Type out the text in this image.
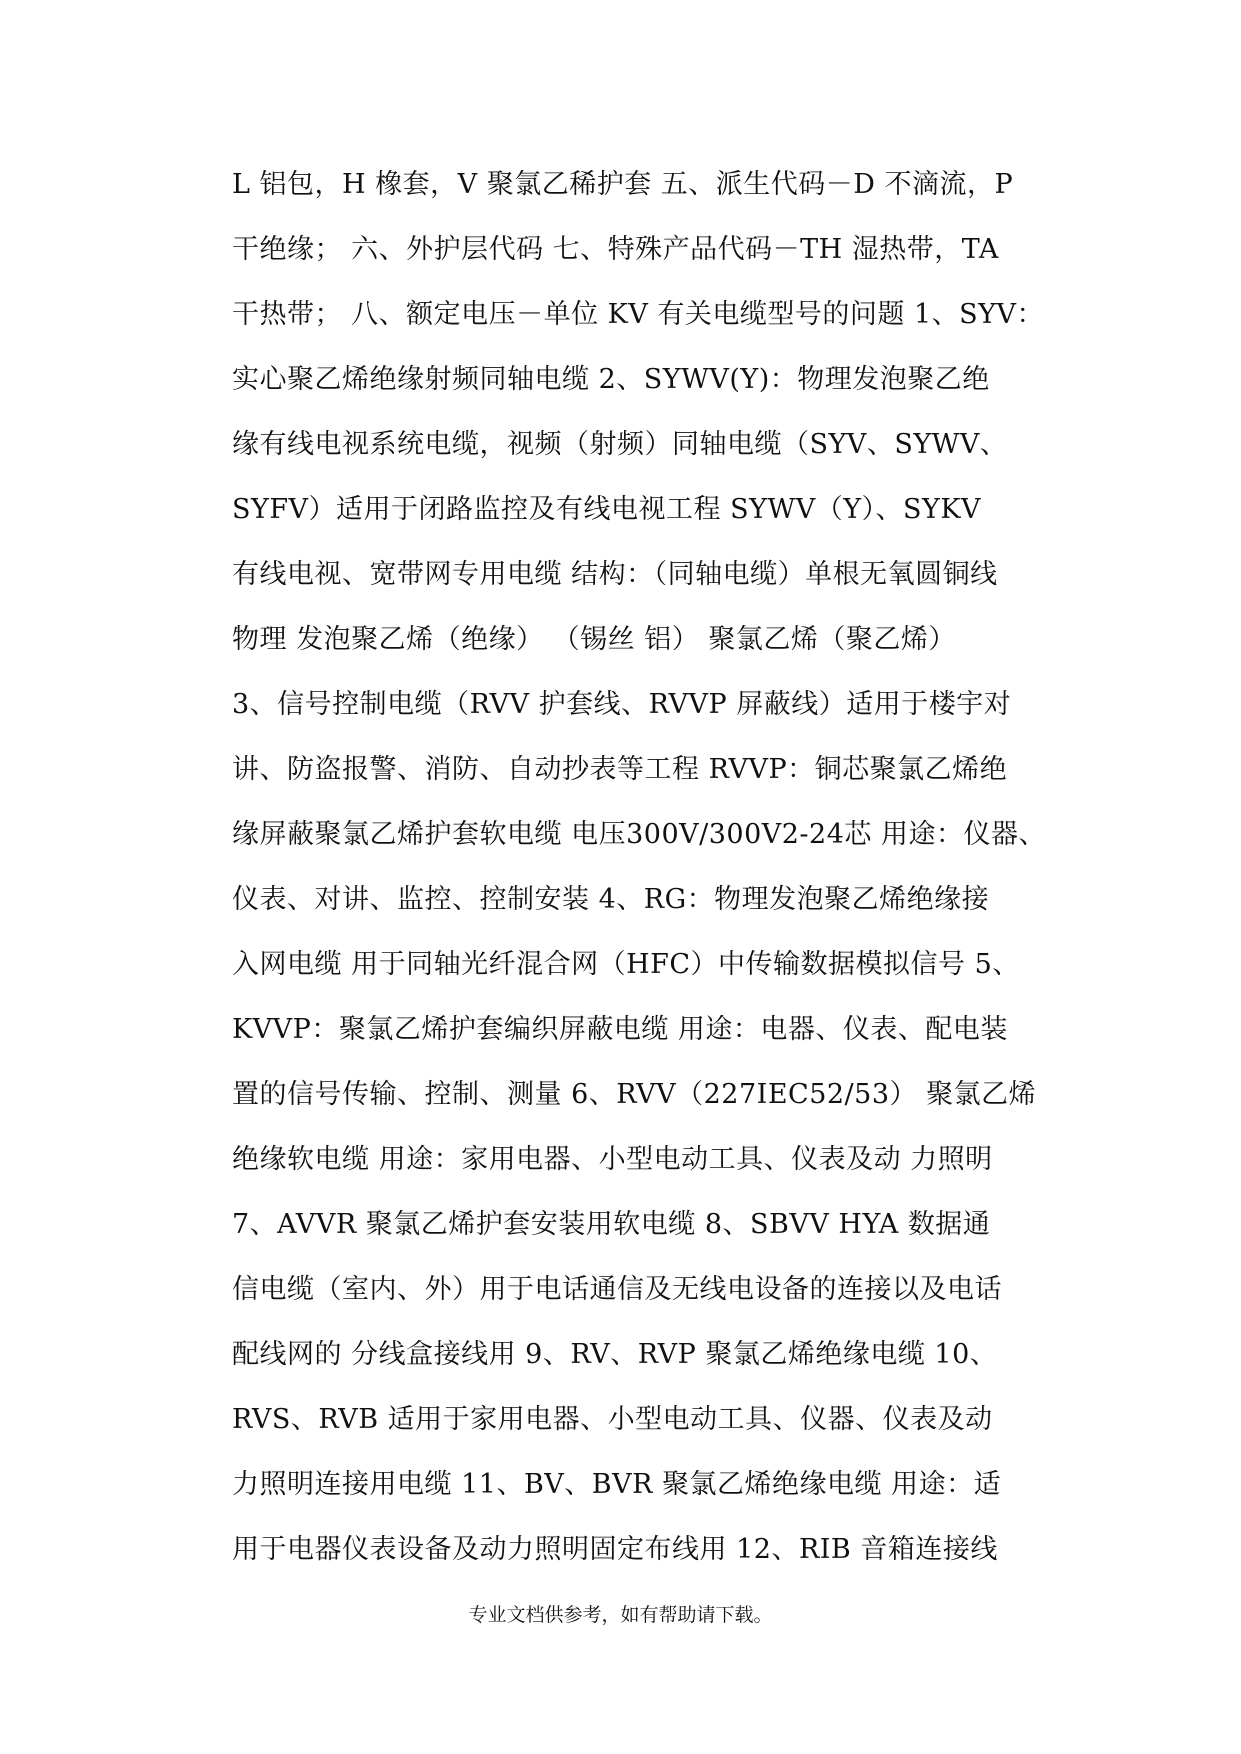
L 铝包，H 橡套，V 聚氯乙稀护套 五、派生代码－D 不滴流，P
干绝缘； 六、外护层代码 七、特殊产品代码－TH 湿热带，TA
干热带； 八、额定电压－单位 KV 有关电缆型号的问题 1、SYV：
实心聚乙烯绝缘射频同轴电缆 2、SYWV(Y)：物理发泡聚乙绝
缘有线电视系统电缆，视频（射频）同轴电缆（SYV、SYWV、
SYFV）适用于闭路监控及有线电视工程 SYWV（Y）、SYKV
有线电视、宽带网专用电缆 结构：（同轴电缆）单根无氧圆铜线
物理 发泡聚乙烯（绝缘） （锡丝 铝） 聚氯乙烯（聚乙烯）
3、信号控制电缆（RVV 护套线、RVVP 屏蔽线）适用于楼宇对
讲、防盗报警、消防、自动抄表等工程 RVVP：铜芯聚氯乙烯绝
缘屏蔽聚氯乙烯护套软电缆 电压300V/300V2-24芯 用途：仪器、
仪表、对讲、监控、控制安装 4、RG：物理发泡聚乙烯绝缘接
入网电缆 用于同轴光纤混合网（HFC）中传输数据模拟信号 5、
KVVP：聚氯乙烯护套编织屏蔽电缆 用途：电器、仪表、配电装
置的信号传输、控制、测量 6、RVV（227IEC52/53） 聚氯乙烯
绝缘软电缆 用途：家用电器、小型电动工具、仪表及动 力照明
7、AVVR 聚氯乙烯护套安装用软电缆 8、SBVV HYA 数据通
信电缆（室内、外）用于电话通信及无线电设备的连接以及电话
配线网的 分线盒接线用 9、RV、RVP 聚氯乙烯绝缘电缆 10、
RVS、RVB 适用于家用电器、小型电动工具、仪器、仪表及动
力照明连接用电缆 11、BV、BVR 聚氯乙烯绝缘电缆 用途：适
用于电器仪表设备及动力照明固定布线用 12、RIB 音箱连接线
专业文档供参考，如有帮助请下载。
